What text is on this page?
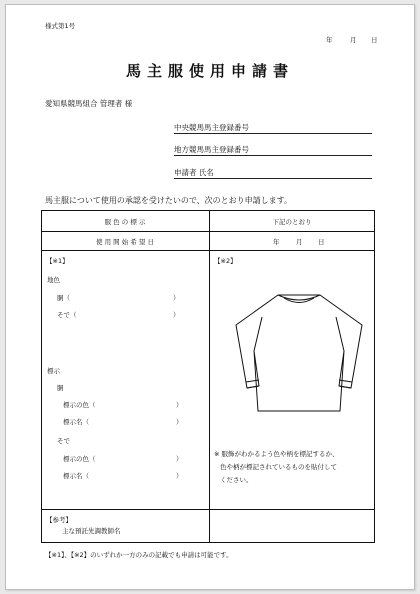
様式第1号
年	月 日
馬主服使用申請書
愛知県競馬組合 管理者 様
中央競馬馬主登録番号
地方競馬馬主登録番号
申請者 氏名
馬主服について使用の承認を受けたいので、次のとおり申請します。
服 色 の 標 示	下記のとおり
使 用 開 始 希 望 日	年	月 日
【※1】
地色
胴（	）
そで（	）
標示
胴
標示の色（	）
標示名（	）
そで
標示の色（	）
標示名（	）
【※2】
※ 服飾がわかるよう色や柄を標記するか、
色や柄が標記されているものを貼付して
ください。
【参考】
主な預託先調教師名
【※1】、【※2】のいずれか一方のみの記載でも申請は可能です。
